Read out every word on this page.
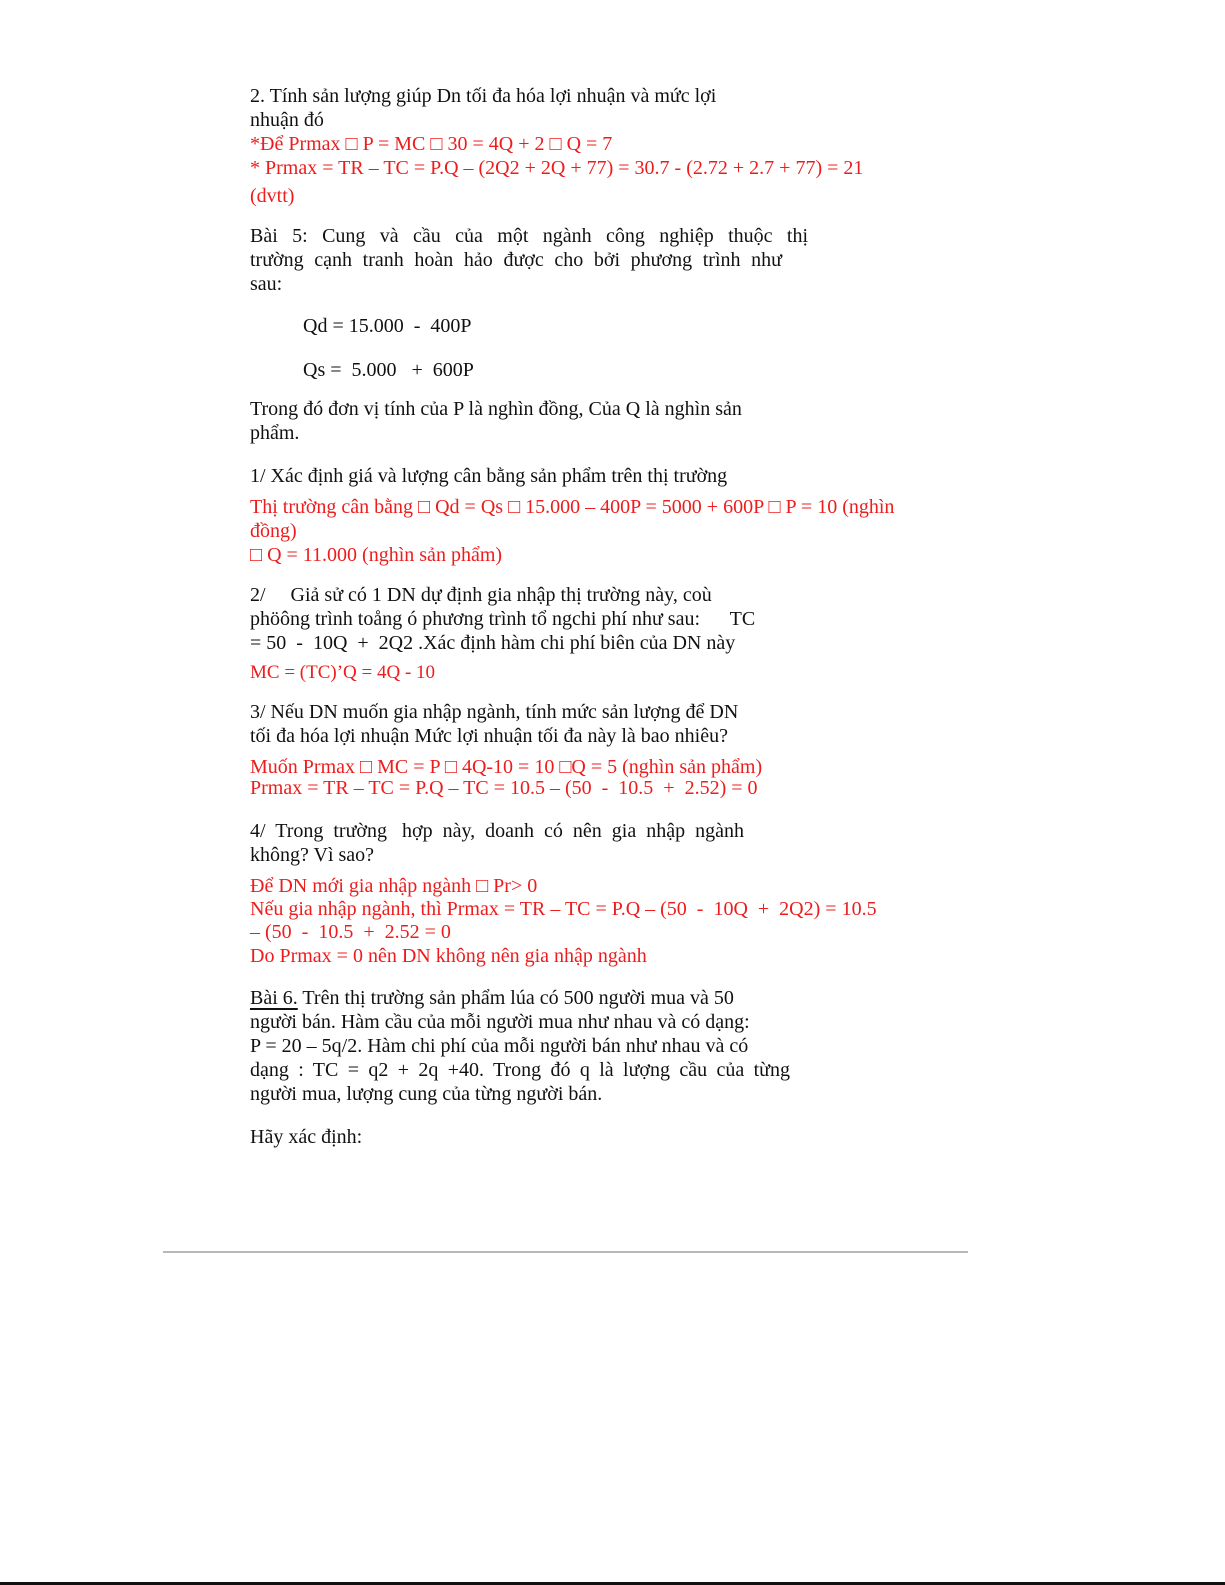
2. Tính sản lượng giúp Dn tối đa hóa lợi nhuận và mức lợi
nhuận đó
*Để Prmax □ P = MC □ 30 = 4Q + 2 □ Q = 7
* Prmax = TR – TC = P.Q – (2Q2 + 2Q + 77) = 30.7 - (2.72 + 2.7 + 77) = 21
(dvtt)
Bài 5: Cung và cầu của một ngành công nghiệp thuộc thị
trường cạnh tranh hoàn hảo được cho bởi phương trình như
sau:
Qd = 15.000  -  400P
Qs =  5.000   +  600P
Trong đó đơn vị tính của P là nghìn đồng, Của Q là nghìn sản
phẩm.
1/ Xác định giá và lượng cân bằng sản phẩm trên thị trường
Thị trường cân bằng □ Qd = Qs □ 15.000 – 400P = 5000 + 600P □ P = 10 (nghìn
đồng)
□ Q = 11.000 (nghìn sản phẩm)
2/     Giả sử có 1 DN dự định gia nhập thị trường này, coù
phöông trình toång ó phương trình tổ ngchi phí như sau:      TC
= 50  -  10Q  +  2Q2 .Xác định hàm chi phí biên của DN này
MC = (TC)’Q = 4Q - 10
3/ Nếu DN muốn gia nhập ngành, tính mức sản lượng để DN
tối đa hóa lợi nhuận Mức lợi nhuận tối đa này là bao nhiêu?
Muốn Prmax □ MC = P □ 4Q-10 = 10 □Q = 5 (nghìn sản phẩm)
Prmax = TR – TC = P.Q – TC = 10.5 – (50  -  10.5  +  2.52) = 0
4/  Trong  trường   hợp  này,  doanh  có  nên  gia  nhập  ngành
không? Vì sao?
Để DN mới gia nhập ngành □ Pr> 0
Nếu gia nhập ngành, thì Prmax = TR – TC = P.Q – (50  -  10Q  +  2Q2) = 10.5
– (50  -  10.5  +  2.52 = 0
Do Prmax = 0 nên DN không nên gia nhập ngành
Bài 6. Trên thị trường sản phẩm lúa có 500 người mua và 50
người bán. Hàm cầu của mỗi người mua như nhau và có dạng:
P = 20 – 5q/2. Hàm chi phí của mỗi người bán như nhau và có
dạng : TC = q2 + 2q +40. Trong đó q là lượng cầu của từng
người mua, lượng cung của từng người bán.
Hãy xác định:
